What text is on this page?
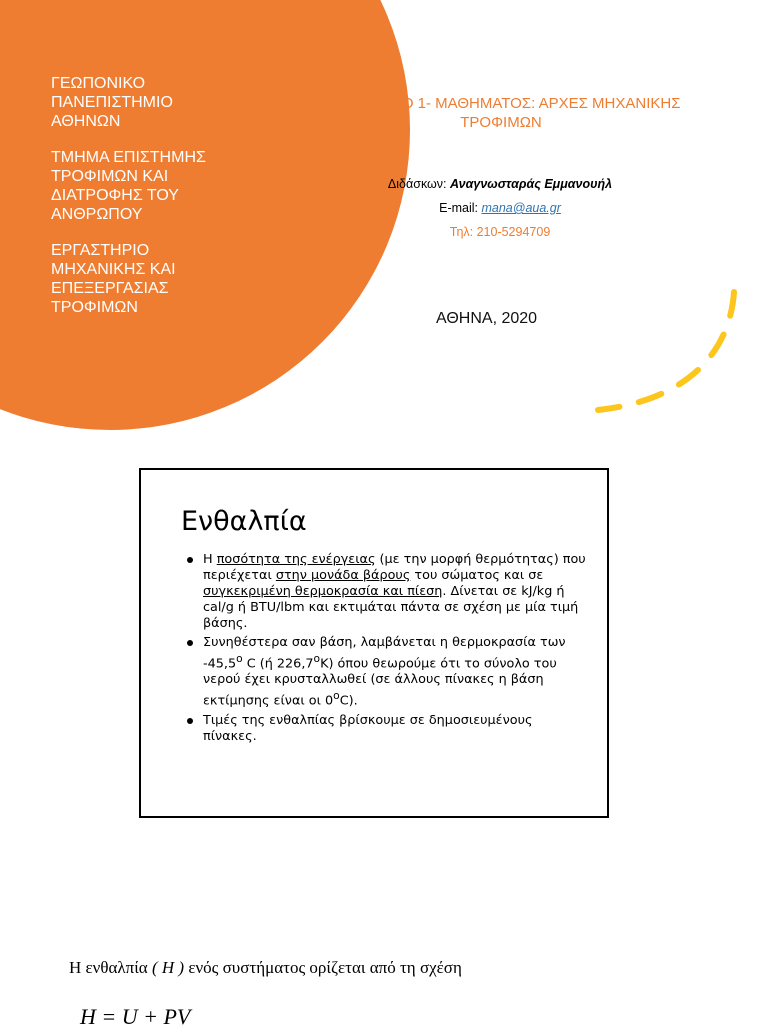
ΓΕΩΠΟΝΙΚΟ
ΠΑΝΕΠΙΣΤΗΜΙΟ
ΑΘΗΝΩΝ
ΤΜΗΜΑ ΕΠΙΣΤΗΜΗΣ
ΤΡΟΦΙΜΩΝ ΚΑΙ
ΔΙΑΤΡΟΦΗΣ ΤΟΥ
ΑΝΘΡΩΠΟΥ
ΕΡΓΑΣΤΗΡΙΟ
ΜΗΧΑΝΙΚΗΣ ΚΑΙ
ΕΠΕΞΕΡΓΑΣΙΑΣ
ΤΡΟΦΙΜΩΝ
ΕΡΓΑΣΤΗΡΙΟ 1- ΜΑΘΗΜΑΤΟΣ: ΑΡΧΕΣ ΜΗΧΑΝΙΚΗΣ
ΤΡΟΦΙΜΩΝ
Διδάσκων: Αναγνωσταράς Εμμανουήλ
E-mail: mana@aua.gr
Τηλ: 210-5294709
ΑΘΗΝΑ, 2020
Ενθαλπία
Η ποσότητα της ενέργειας (με την μορφή θερμότητας) που περιέχεται στην μονάδα βάρους του σώματος και σε συγκεκριμένη θερμοκρασία και πίεση. Δίνεται σε kJ/kg ή cal/g ή BTU/lbm και εκτιμάται πάντα σε σχέση με μία τιμή βάσης.
Συνηθέστερα σαν βάση, λαμβάνεται η θερμοκρασία των $-45,5^o$ C (ή $226,7^oK$) όπου θεωρούμε ότι το σύνολο του νερού έχει κρυσταλλωθεί (σε άλλους πίνακες η βάση εκτίμησης είναι οι $0^oC$).
Τιμές της ενθαλπίας βρίσκουμε σε δημοσιευμένους πίνακες.
Η ενθαλπία ( H ) ενός συστήματος ορίζεται από τη σχέση
H = U + PV
